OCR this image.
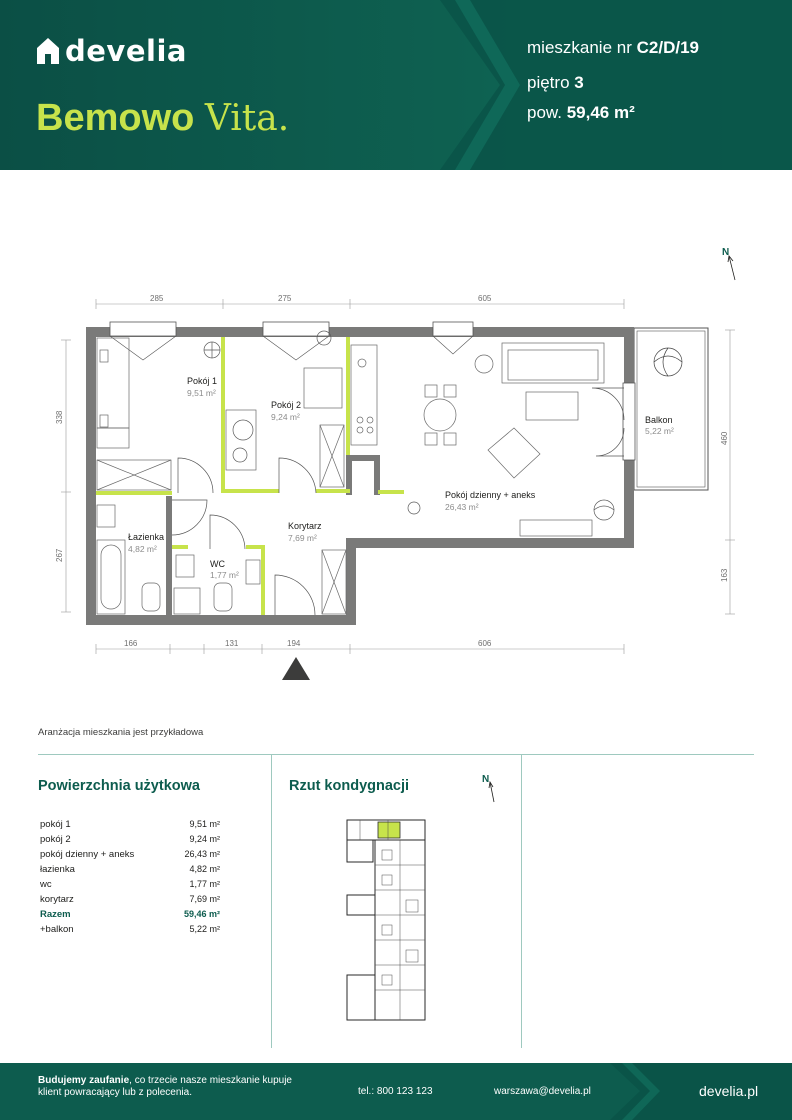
develia
Bemowo Vita.
mieszkanie nr C2/D/19
piętro 3
pow. 59,46 m²
N
285	275	605
166	131	194	606
338
267
460
163
Pokój 1
9,51 m²
Pokój 2
9,24 m²
Pokój dzienny + aneks
26,43 m²
Łazienka
4,82 m²
WC
1,77 m²
Korytarz
7,69 m²
Balkon
5,22 m²
Aranżacja mieszkania jest przykładowa
Powierzchnia użytkowa	Rzut kondygnacji
pokój 1	9,51 m²
pokój 2	9,24 m²
pokój dzienny + aneks	26,43 m²
łazienka	4,82 m²
wc	1,77 m²
korytarz	7,69 m²
Razem	59,46 m²
+balkon	5,22 m²
N
Budujemy zaufanie, co trzecie nasze mieszkanie kupuje klient powracający lub z polecenia.	tel.: 800 123 123	warszawa@develia.pl	develia.pl
